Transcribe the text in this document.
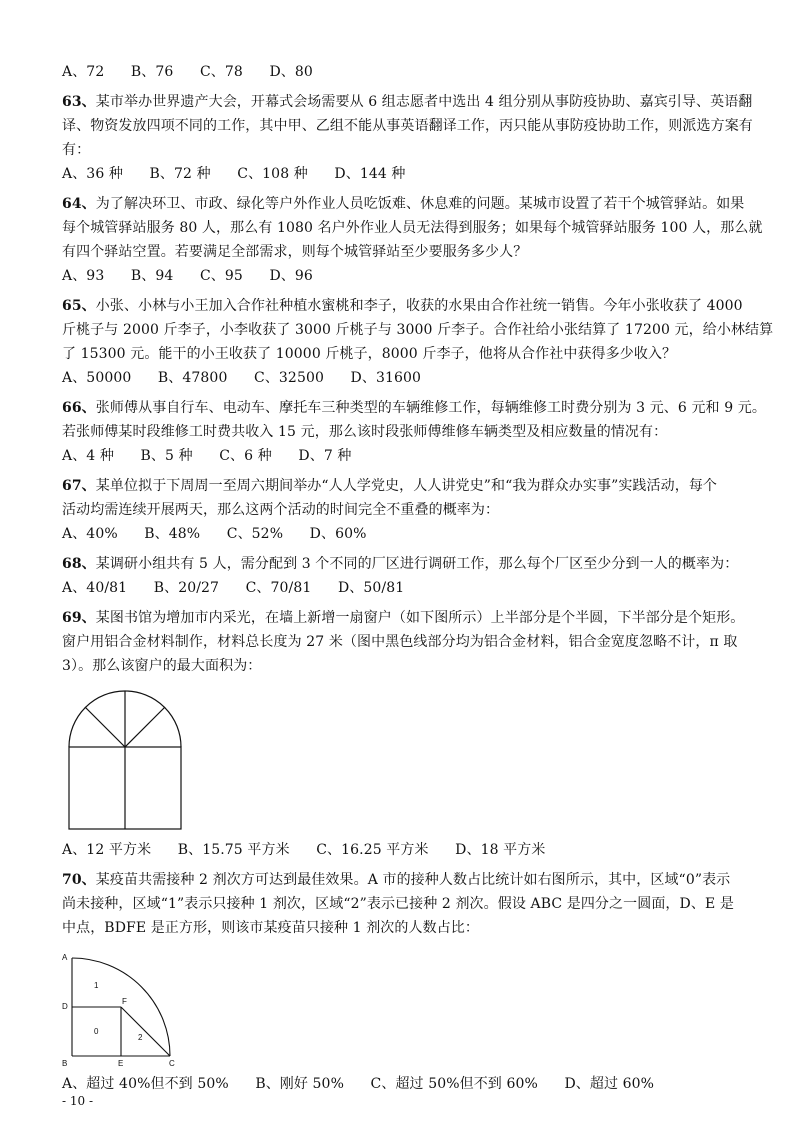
A、72 B、76 C、78 D、80
63、某市举办世界遗产大会，开幕式会场需要从 6 组志愿者中选出 4 组分别从事防疫协助、嘉宾引导、英语翻
译、物资发放四项不同的工作，其中甲、乙组不能从事英语翻译工作，丙只能从事防疫协助工作，则派选方案有
有：
A、36 种 B、72 种 C、108 种 D、144 种
64、为了解决环卫、市政、绿化等户外作业人员吃饭难、休息难的问题。某城市设置了若干个城管驿站。如果
每个城管驿站服务 80 人，那么有 1080 名户外作业人员无法得到服务；如果每个城管驿站服务 100 人，那么就
有四个驿站空置。若要满足全部需求，则每个城管驿站至少要服务多少人？
A、93 B、94 C、95 D、96
65、小张、小林与小王加入合作社种植水蜜桃和李子，收获的水果由合作社统一销售。今年小张收获了 4000
斤桃子与 2000 斤李子，小李收获了 3000 斤桃子与 3000 斤李子。合作社给小张结算了 17200 元，给小林结算
了 15300 元。能干的小王收获了 10000 斤桃子，8000 斤李子，他将从合作社中获得多少收入？
A、50000 B、47800 C、32500 D、31600
66、张师傅从事自行车、电动车、摩托车三种类型的车辆维修工作，每辆维修工时费分别为 3 元、6 元和 9 元。
若张师傅某时段维修工时费共收入 15 元，那么该时段张师傅维修车辆类型及相应数量的情况有：
A、4 种 B、5 种 C、6 种 D、7 种
67、某单位拟于下周周一至周六期间举办“人人学党史，人人讲党史”和“我为群众办实事”实践活动，每个
活动均需连续开展两天，那么这两个活动的时间完全不重叠的概率为：
A、40% B、48% C、52% D、60%
68、某调研小组共有 5 人，需分配到 3 个不同的厂区进行调研工作，那么每个厂区至少分到一人的概率为：
A、40/81 B、20/27 C、70/81 D、50/81
69、某图书馆为增加市内采光，在墙上新增一扇窗户（如下图所示）上半部分是个半圆，下半部分是个矩形。
窗户用铝合金材料制作，材料总长度为 27 米（图中黑色线部分均为铝合金材料，铝合金宽度忽略不计，π 取
3）。那么该窗户的最大面积为：
A、12 平方米 B、15.75 平方米 C、16.25 平方米 D、18 平方米
70、某疫苗共需接种 2 剂次方可达到最佳效果。A 市的接种人数占比统计如右图所示，其中，区域“0”表示
尚未接种，区域“1”表示只接种 1 剂次，区域“2”表示已接种 2 剂次。假设 ABC 是四分之一圆面，D、E 是
中点，BDFE 是正方形，则该市某疫苗只接种 1 剂次的人数占比：
A
D
B
F
E	C
1
0
2
A、超过 40%但不到 50% B、刚好 50% C、超过 50%但不到 60% D、超过 60%
- 10 -
